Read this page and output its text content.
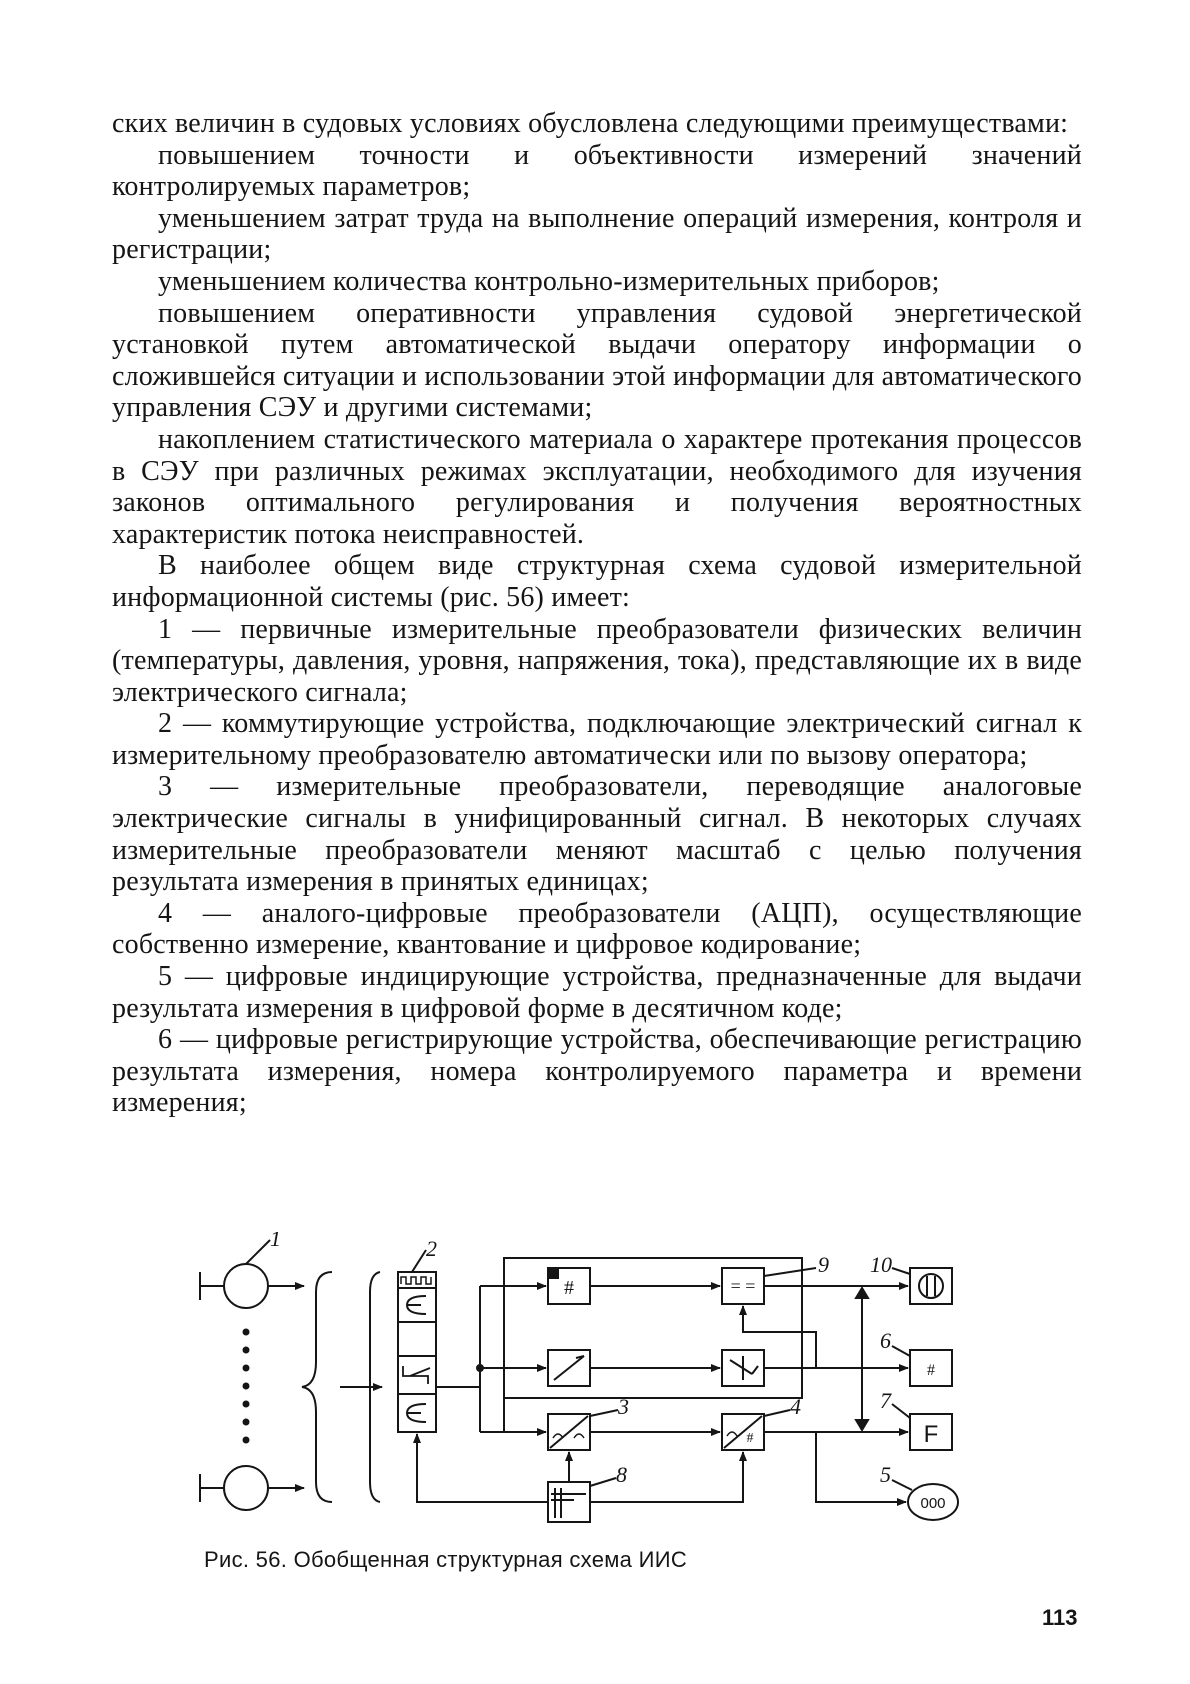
ских величин в судовых условиях обусловлена следующими преимуществами:

повышением точности и объективности измерений значений контролируемых параметров;

уменьшением затрат труда на выполнение операций измерения, контроля и регистрации;

уменьшением количества контрольно-измерительных приборов;

повышением оперативности управления судовой энергетической установкой путем автоматической выдачи оператору информации о сложившейся ситуации и использовании этой информации для автоматического управления СЭУ и другими системами;

накоплением статистического материала о характере протекания процессов в СЭУ при различных режимах эксплуатации, необходимого для изучения законов оптимального регулирования и получения вероятностных характеристик потока неисправностей.

В наиболее общем виде структурная схема судовой измерительной информационной системы (рис. 56) имеет:

1 — первичные измерительные преобразователи физических величин (температуры, давления, уровня, напряжения, тока), представляющие их в виде электрического сигнала;

2 — коммутирующие устройства, подключающие электрический сигнал к измерительному преобразователю автоматически или по вызову оператора;

3 — измерительные преобразователи, переводящие аналоговые электрические сигналы в унифицированный сигнал. В некоторых случаях измерительные преобразователи меняют масштаб с целью получения результата измерения в принятых единицах;

4 — аналого-цифровые преобразователи (АЦП), осуществляющие собственно измерение, квантование и цифровое кодирование;

5 — цифровые индицирующие устройства, предназначенные для выдачи результата измерения в цифровой форме в десятичном коде;

6 — цифровые регистрирующие устройства, обеспечивающие регистрацию результата измерения, номера контролируемого параметра и времени измерения;

#	= =
#
#
F
000
1	2
3	4
5
6
7
8
9 10
Рис. 56. Обобщенная структурная схема ИИС
113
